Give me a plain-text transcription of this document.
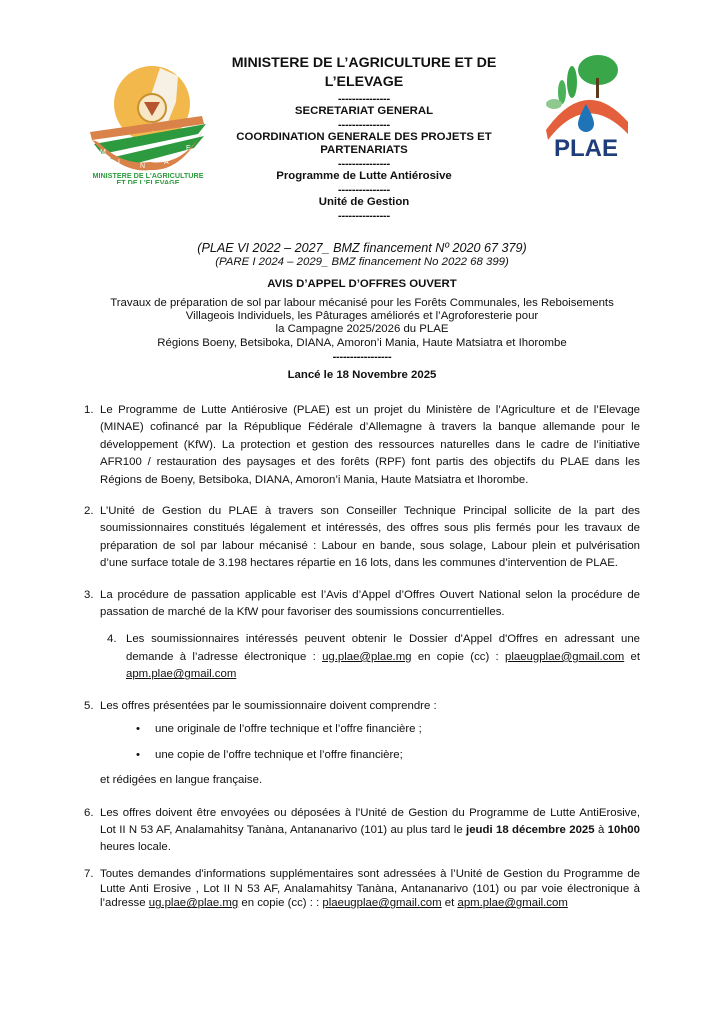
M
I
N
A
E
MINISTERE DE L'AGRICULTURE
ET DE L'ELEVAGE
PLAE

MINISTERE DE L’AGRICULTURE ET DE

L’ELEVAGE

---------------

SECRETARIAT GENERAL

---------------

COORDINATION GENERALE DES PROJETS ET

PARTENARIATS

---------------

Programme de Lutte Antiérosive

---------------

Unité de Gestion

---------------

(PLAE VI 2022 – 2027_ BMZ financement Nº 2020 67 379)

(PARE I 2024 – 2029_ BMZ financement No 2022 68 399)

AVIS D’APPEL D’OFFRES OUVERT

Travaux de préparation de sol par labour mécanisé pour les Forêts Communales, les Reboisements

Villageois Individuels, les Pâturages améliorés et l’Agroforesterie pour

la Campagne 2025/2026 du PLAE

Régions Boeny, Betsiboka, DIANA, Amoron’i Mania, Haute Matsiatra et Ihorombe

-----------------

Lancé le 18 Novembre 2025

1. Le Programme de Lutte Antiérosive (PLAE) est un projet du Ministère de l’Agriculture et de l’Elevage (MINAE) cofinancé par la République Fédérale d’Allemagne à travers la banque allemande pour le développement (KfW). La protection et gestion des ressources naturelles dans le cadre de l’initiative AFR100 / restauration des paysages et des forêts (RPF) font partis des objectifs du PLAE dans les Régions de Boeny, Betsiboka, DIANA, Amoron’i Mania, Haute Matsiatra et Ihorombe.
2. L’Unité de Gestion du PLAE à travers son Conseiller Technique Principal sollicite de la part des soumissionnaires constitués légalement et intéressés, des offres sous plis fermés pour les travaux de préparation de sol par labour mécanisé : Labour en bande, sous solage, Labour plein et pulvérisation d’une surface totale de 3.198 hectares répartie en 16 lots, dans les communes d’intervention de PLAE.
3. La procédure de passation applicable est l’Avis d’Appel d’Offres Ouvert National selon la procédure de passation de marché de la KfW pour favoriser des soumissions concurrentielles.
4. Les soumissionnaires intéressés peuvent obtenir le Dossier d'Appel d'Offres en adressant une demande à l’adresse électronique : ug.plae@plae.mg en copie (cc) : plaeugplae@gmail.com et apm.plae@gmail.com
5. Les offres présentées par le soumissionnaire doivent comprendre :
• une originale de l’offre technique et l’offre financière ;
• une copie de l’offre technique et l’offre financière;

et rédigées en langue française.

6. Les offres doivent être envoyées ou déposées à l'Unité de Gestion du Programme de Lutte AntiErosive, Lot II N 53 AF, Analamahitsy Tanàna, Antananarivo (101) au plus tard le jeudi 18 décembre 2025 à 10h00 heures locale.
7. Toutes demandes d'informations supplémentaires sont adressées à l’Unité de Gestion du Programme de Lutte Anti Erosive , Lot II N 53 AF, Analamahitsy Tanàna, Antananarivo (101) ou par voie électronique à l’adresse ug.plae@plae.mg en copie (cc) : : plaeugplae@gmail.com et apm.plae@gmail.com
